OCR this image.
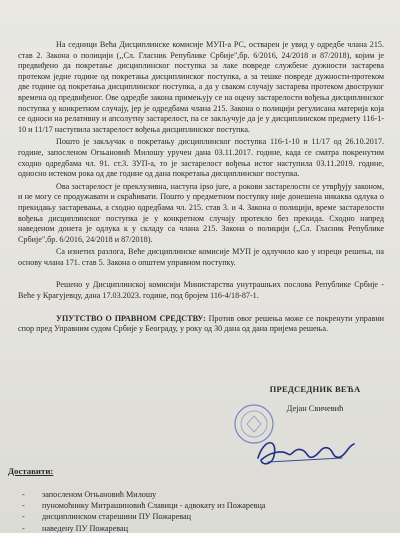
На седници Већа Дисциплинске комисије МУП-а РС, остварен је увид у одредбе члана 215. став 2. Закона о полицији (,,Сл. Гласник Републике Србије",бр. 6/2016, 24/2018 и 87/2018), којим је предвиђено да покретање дисциплинског поступка за лаке повреде службене дужности застарева протеком једне године од покретања дисциплинског поступка, а за тешке повреде дужности-протеком две године од покретања дисциплинског поступка, а да у сваком случају застарева протеком двоструког времена од предвиђеног. Ове одредбе закона примењују се на оцену застарелости вођења дисциплинског поступка у конкретном случају, јер је одредбама члана 215. Закона о полицији регулисана материја која се односи на релативну и апсолутну застарелост, па се закључује да је у дисциплинском предмету 116-1-10 и 11/17 наступила застарелост вођења дисциплинског поступка.

Пошто је закључак о покретању дисциплинског поступка 116-1-10 и 11/17 од 26.10.2017. године, запосленом Огњановић Милошу уручен дана 03.11.2017. године, када се сматра покренутим сходно одредбама чл. 91. ст.3. ЗУП-а, то је застарелост вођења истог наступила 03.11.2019. године, односно истеком рока од две године од дана покретања дисциплинског поступка.

Ова застарелост је преклузивна, наступа ipso jure, а рокови застарелости се утврђују законом, и не могу се продужавати и скраћивати. Пошто у предметном поступку није донешена никаква одлука о прекидању застаревања, а сходно одредбама чл. 215. став 3. и 4. Закона о полицији, време застарелости вођења дисциплинског поступка је у конкретном случају протекло без прекида. Сходно напред наведеном донета је одлука к у складу са члана 215. Закона о полицији (,,Сл. Гласник Републике Србије",бр. 6/2016, 24/2018 и 87/2018).

Са изнетих разлога, Веће дисциплинске комисије МУП је одлучило као у изреци решења, на основу члана 171. став 5. Закона о општем управном поступку.

Решено у Дисциплинској комисији Министарства унутрашњих послова Републике Србије - Веће у Крагујевцу, дана 17.03.2023. године, под бројем 116-4/18-87-1.

УПУТСТВО О ПРАВНОМ СРЕДСТВУ: Против овог решења може се покренути управни спор пред Управним судом Србије у Београду, у року од 30 дана од дана пријема решења.

ПРЕДСЕДНИК ВЕЋА
Дејан Свичевић
Доставити:
- запосленом Огњановић Милошу
- пуномоћнику Митрашиновић Славици - адвокату из Пожаревца
- дисциплинском старешини ПУ Пожаревац
- наведену ПУ Пожаревац
